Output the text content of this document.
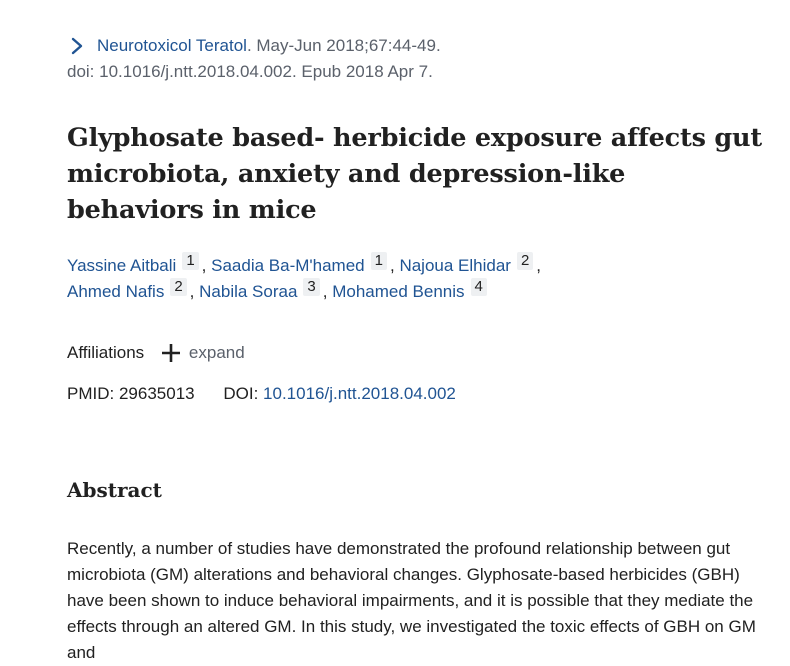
Neurotoxicol Teratol. May-Jun 2018;67:44-49.
doi: 10.1016/j.ntt.2018.04.002. Epub 2018 Apr 7.
Glyphosate based- herbicide exposure affects gut microbiota, anxiety and depression-like behaviors in mice
Yassine Aitbali 1 , Saadia Ba-M'hamed 1 , Najoua Elhidar 2 ,
Ahmed Nafis 2 , Nabila Soraa 3 , Mohamed Bennis 4
Affiliations	expand
PMID: 29635013 DOI: 10.1016/j.ntt.2018.04.002
Abstract

Recently, a number of studies have demonstrated the profound relationship between gut microbiota (GM) alterations and behavioral changes. Glyphosate-based herbicides (GBH) have been shown to induce behavioral impairments, and it is possible that they mediate the effects through an altered GM. In this study, we investigated the toxic effects of GBH on GM and
